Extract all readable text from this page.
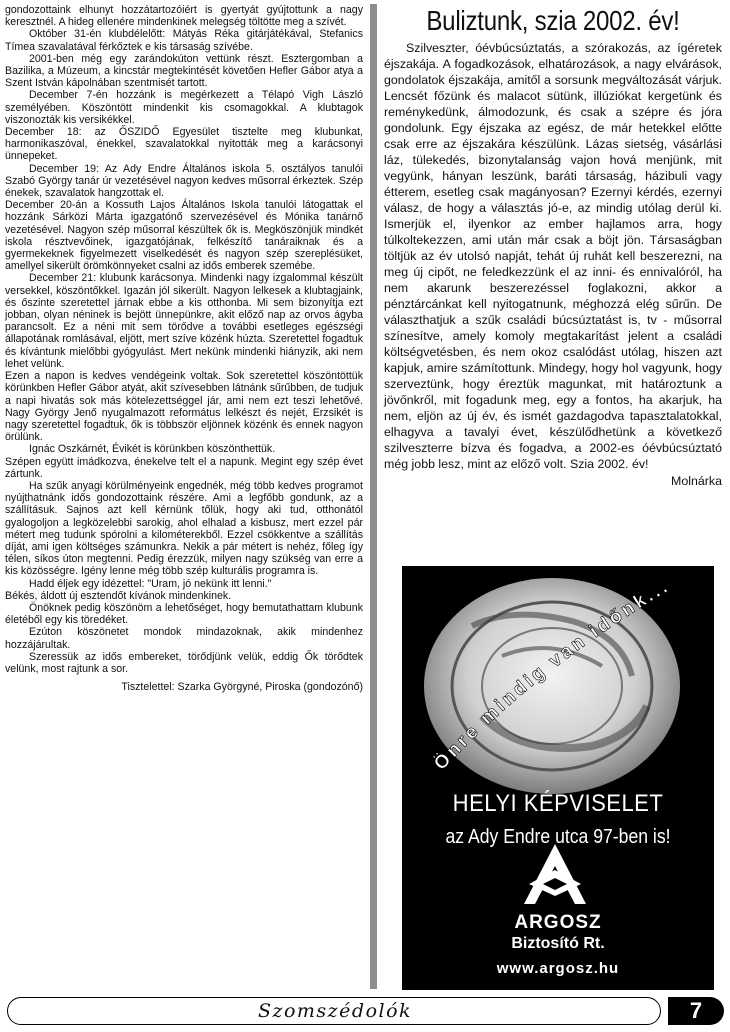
gondozottaink elhunyt hozzátartozóiért is gyertyát gyújtottunk a nagy keresztnél. A hideg ellenére mindenkinek melegség töltötte meg a szívét.

Október 31-én klubdélelőtt: Mátyás Réka gitárjátékával, Stefanics Tímea szavalatával férkőztek e kis társaság szívébe.

2001-ben még egy zarándokúton vettünk részt. Esztergomban a Bazilika, a Múzeum, a kincstár megtekintését követően Hefler Gábor atya a Szent István kápolnában szentmisét tartott.

December 7-én hozzánk is megérkezett a Télapó Vigh László személyében. Köszöntött mindenkit kis csomagokkal. A klubtagok viszonozták kis versikékkel.

December 18: az ŐSZIDŐ Egyesület tisztelte meg klubunkat, harmonikaszóval, énekkel, szavalatokkal nyitották meg a karácsonyi ünnepeket.

December 19: Az Ady Endre Általános iskola 5. osztályos tanulói Szabó György tanár úr vezetésével nagyon kedves műsorral érkeztek. Szép énekek, szavalatok hangzottak el.

December 20-án a Kossuth Lajos Általános Iskola tanulói látogattak el hozzánk Sárközi Márta igazgatónő szervezésével és Mónika tanárnő vezetésével. Nagyon szép műsorral készültek ők is. Megköszönjük mindkét iskola résztvevőinek, igazgatójának, felkészítő tanáraiknak és a gyermekeknek figyelmezett viselkedését és nagyon szép szereplésüket, amellyel sikerült örömkönnyeket csalni az idős emberek szemébe.

December 21: klubunk karácsonya. Mindenki nagy izgalommal készült versekkel, köszöntőkkel. Igazán jól sikerült. Nagyon lelkesek a klubtagjaink, és őszinte szeretettel járnak ebbe a kis otthonba. Mi sem bizonyítja ezt jobban, olyan néninek is bejött ünnepünkre, akit előző nap az orvos ágyba parancsolt. Ez a néni mit sem törődve a további esetleges egészségi állapotának romlásával, eljött, mert szíve közénk húzta. Szeretettel fogadtuk és kívántunk mielőbbi gyógyulást. Mert nekünk mindenki hiányzik, aki nem lehet velünk.

Ezen a napon is kedves vendégeink voltak. Sok szeretettel köszöntöttük körünkben Hefler Gábor atyát, akit szívesebben látnánk sűrűbben, de tudjuk a napi hivatás sok más kötelezettséggel jár, ami nem ezt teszi lehetővé. Nagy György Jenő nyugalmazott református lelkészt és nejét, Erzsikét is nagy szeretettel fogadtuk, ők is többször eljönnek közénk és ennek nagyon örülünk.

Ignác Oszkárnét, Évikét is körünkben köszönthettük.

Szépen együtt imádkozva, énekelve telt el a napunk. Megint egy szép évet zártunk.

Ha szűk anyagi körülményeink engednék, még több kedves programot nyújthatnánk idős gondozottaink részére. Ami a legfőbb gondunk, az a szállításuk. Sajnos azt kell kérnünk tőlük, hogy aki tud, otthonától gyalogoljon a legközelebbi sarokig, ahol elhalad a kisbusz, mert ezzel pár métert meg tudunk spórolni a kilométerekből. Ezzel csökkentve a szállítás díját, ami igen költséges számunkra. Nekik a pár métert is nehéz, főleg így télen, síkos úton megtenni. Pedig érezzük, milyen nagy szükség van erre a kis közösségre. Igény lenne még több szép kulturális programra is.

Hadd éljek egy idézettel: "Uram, jó nekünk itt lenni."

Békés, áldott új esztendőt kívánok mindenkinek.

Önöknek pedig köszönöm a lehetőséget, hogy bemutathattam klubunk életéből egy kis töredéket.

Ezúton köszönetet mondok mindazoknak, akik mindenhez hozzájárultak.

Szeressük az idős embereket, törődjünk velük, eddig Ők törődtek velünk, most rajtunk a sor.

Tisztelettel: Szarka Györgyné, Piroska (gondozónő)

Buliztunk, szia 2002. év!

Szilveszter, óévbúcsúztatás, a szórakozás, az ígéretek éjszakája. A fogadkozások, elhatározások, a nagy elvárások, gondolatok éjszakája, amitől a sorsunk megváltozását várjuk. Lencsét főzünk és malacot sütünk, illúziókat kergetünk és reménykedünk, álmodozunk, és csak a szépre és jóra gondolunk. Egy éjszaka az egész, de már hetekkel előtte csak erre az éjszakára készülünk. Lázas sietség, vásárlási láz, tülekedés, bizonytalanság vajon hová menjünk, mit vegyünk, hányan leszünk, baráti társaság, házibuli vagy étterem, esetleg csak magányosan? Ezernyi kérdés, ezernyi válasz, de hogy a választás jó-e, az mindig utólag derül ki. Ismerjük el, ilyenkor az ember hajlamos arra, hogy túlkoltekezzen, ami után már csak a böjt jön. Társaságban töltjük az év utolsó napját, tehát új ruhát kell beszerezni, na meg új cipőt, ne feledkezzünk el az inni- és ennivalóról, ha nem akarunk beszerezéssel foglakozni, akkor a pénztárcánkat kell nyitogatnunk, méghozzá elég sűrűn. De választhatjuk a szűk családi búcsúztatást is, tv - műsorral színesítve, amely komoly megtakarítást jelent a családi költségvetésben, és nem okoz csalódást utólag, hiszen azt kapjuk, amire számítottunk. Mindegy, hogy hol vagyunk, hogy szerveztünk, hogy éreztük magunkat, mit határoztunk a jövőnkről, mit fogadunk meg, egy a fontos, ha akarjuk, ha nem, eljön az új év, és ismét gazdagodva tapasztalatokkal, elhagyva a tavalyi évet, készülődhetünk a következő szilveszterre bízva és fogadva, a 2002-es óévbúcsúztató még jobb lesz, mint az előző volt. Szia 2002. év!

Molnárka
Önre mindig van időnk...
HELYI KÉPVISELET
az Ady Endre utca 97-ben is!
ARGOSZ
Biztosító Rt.
www.argosz.hu
Szomszédolók	7
